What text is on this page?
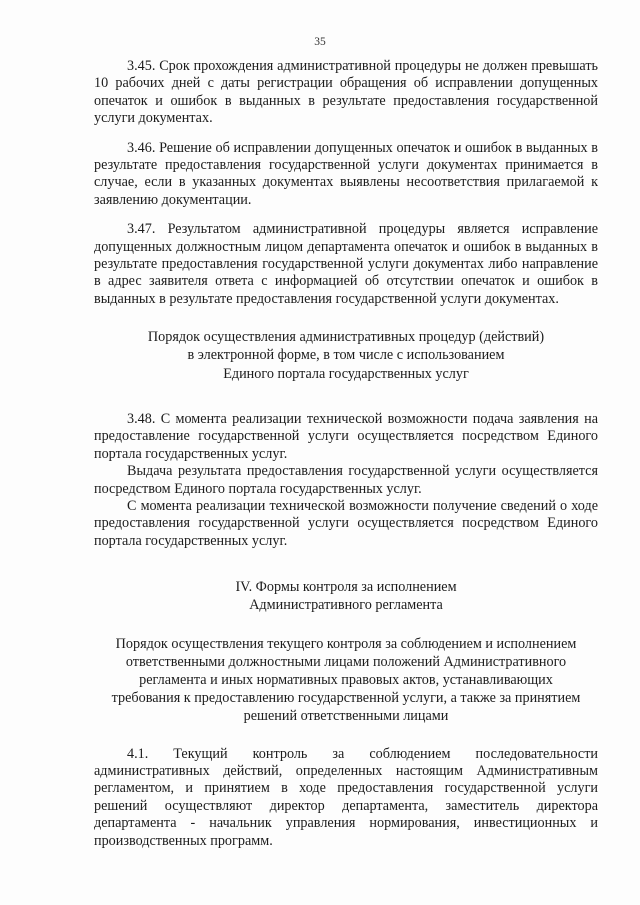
35

3.45. Срок прохождения административной процедуры не должен превышать 10 рабочих дней с даты регистрации обращения об исправлении допущенных опечаток и ошибок в выданных в результате предоставления государственной услуги документах.

3.46. Решение об исправлении допущенных опечаток и ошибок в выданных в результате предоставления государственной услуги документах принимается в случае, если в указанных документах выявлены несоответствия прилагаемой к заявлению документации.

3.47. Результатом административной процедуры является исправление допущенных должностным лицом департамента опечаток и ошибок в выданных в результате предоставления государственной услуги документах либо направление в адрес заявителя ответа с информацией об отсутствии опечаток и ошибок в выданных в результате предоставления государственной услуги документах.

Порядок осуществления административных процедур (действий)
в электронной форме, в том числе с использованием
Единого портала государственных услуг

3.48. С момента реализации технической возможности подача заявления на предоставление государственной услуги осуществляется посредством Единого портала государственных услуг.

Выдача результата предоставления государственной услуги осуществляется посредством Единого портала государственных услуг.

С момента реализации технической возможности получение сведений о ходе предоставления государственной услуги осуществляется посредством Единого портала государственных услуг.

IV. Формы контроля за исполнением
Административного регламента
Порядок осуществления текущего контроля за соблюдением и исполнением
ответственными должностными лицами положений Административного
регламента и иных нормативных правовых актов, устанавливающих
требования к предоставлению государственной услуги, а также за принятием
решений ответственными лицами

4.1. Текущий контроль за соблюдением последовательности административных действий, определенных настоящим Административным регламентом, и принятием в ходе предоставления государственной услуги решений осуществляют директор департамента, заместитель директора департамента - начальник управления нормирования, инвестиционных и производственных программ.
